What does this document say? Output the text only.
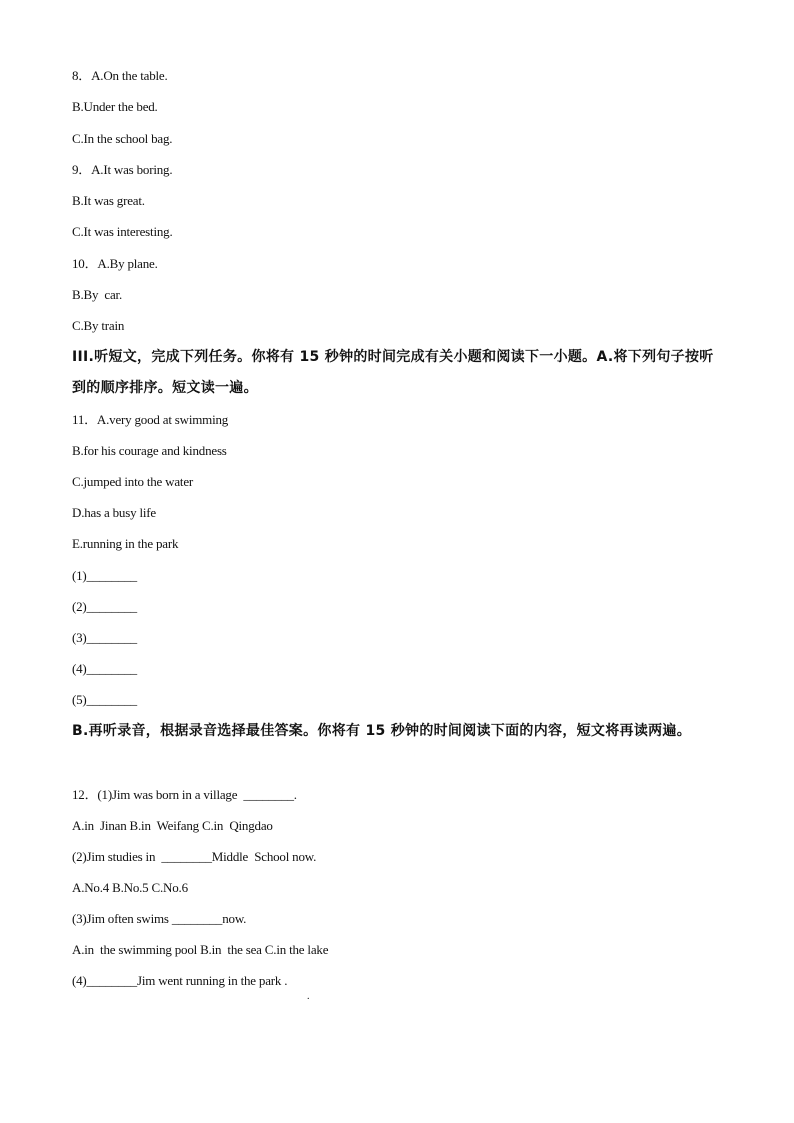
8．A.On the table.
B.Under the bed.
C.In the school bag.
9．A.It was boring.
B.It was great.
C.It was interesting.
10．A.By plane.
B.By  car.
C.By train
III.听短文，完成下列任务。你将有 15 秒钟的时间完成有关小题和阅读下一小题。A.将下列句子按听到的顺序排序。短文读一遍。
11．A.very good at swimming
B.for his courage and kindness
C.jumped into the water
D.has a busy life
E.running in the park
(1)________
(2)________
(3)________
(4)________
(5)________
B.再听录音，根据录音选择最佳答案。你将有 15 秒钟的时间阅读下面的内容，短文将再读两遍。
12．(1)Jim was born in a village  ________.
A.in  Jinan B.in  Weifang C.in  Qingdao
(2)Jim studies in  ________Middle  School now.
A.No.4 B.No.5 C.No.6
(3)Jim often swims ________now.
A.in  the swimming pool B.in  the sea C.in the lake
(4)________Jim went running in the park .
.
